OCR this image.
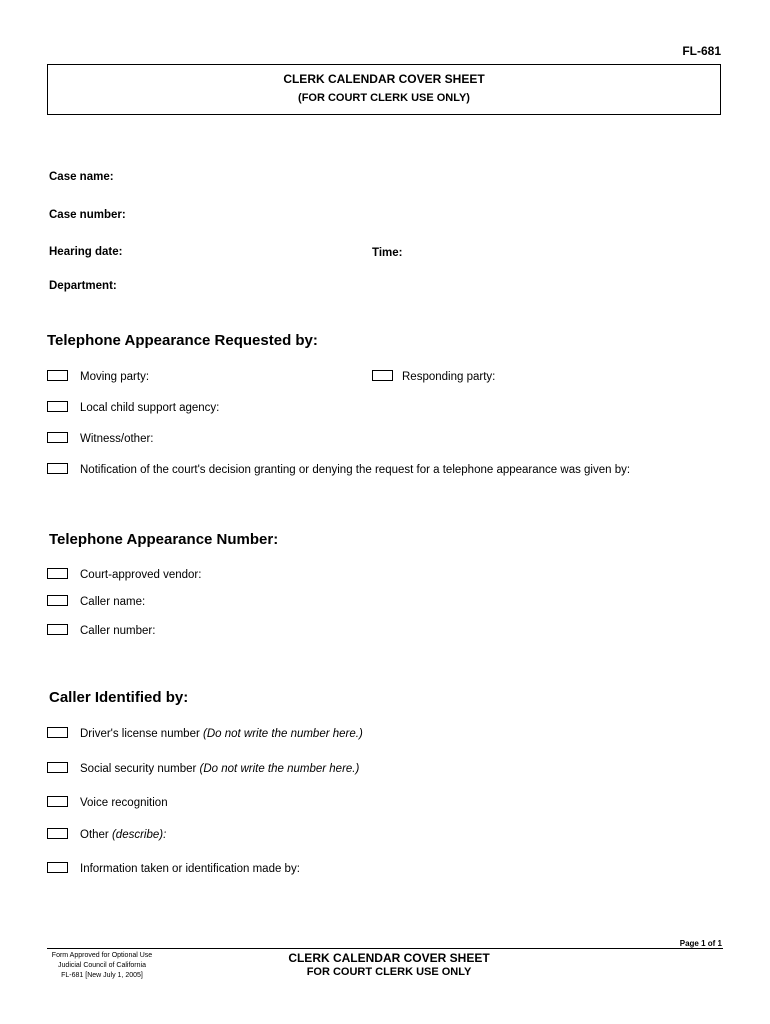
FL-681
CLERK CALENDAR COVER SHEET
(FOR COURT CLERK USE ONLY)
Case name:
Case number:
Hearing date:	Time:
Department:
Telephone Appearance Requested by:
Moving party:	Responding party:
Local child support agency:
Witness/other:
Notification of the court's decision granting or denying the request for a telephone appearance was given by:
Telephone Appearance Number:
Court-approved vendor:
Caller name:
Caller number:
Caller Identified by:
Driver's license number (Do not write the number here.)
Social security number (Do not write the number here.)
Voice recognition
Other (describe):
Information taken or identification made by:
Page 1 of 1
Form Approved for Optional Use
Judicial Council of California
FL-681 [New July 1, 2005]
CLERK CALENDAR COVER SHEET
FOR COURT CLERK USE ONLY
